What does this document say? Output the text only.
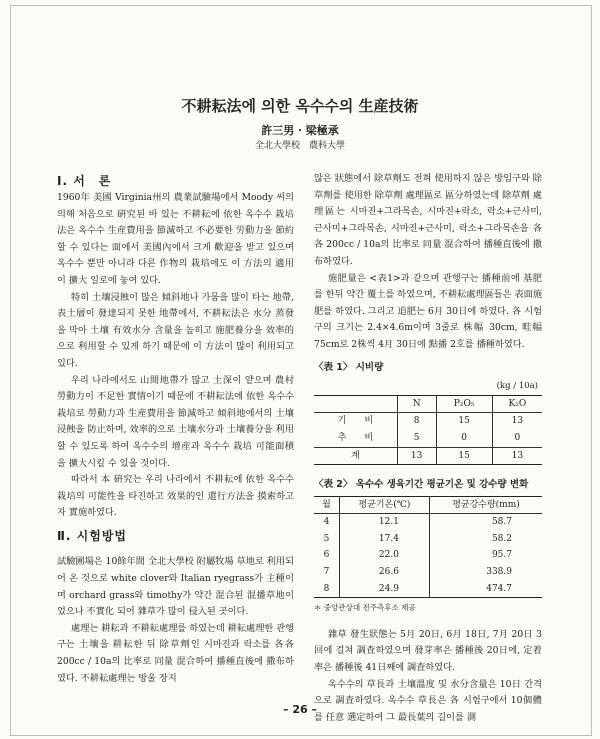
不耕耘法에 의한 옥수수의 生産技術
許三男 · 梁極承
全北大學校　農科大學
Ⅰ. 서　론

1960年 美國 Virginia州의 農業試驗場에서 Moody 씨의 의해 처음으로 硏究된 바 있는 不耕耘에 依한 옥수수 栽培法은 옥수수 生産費用을 節減하고 不必要한 労動力을 節約할 수 있다는 面에서 美國內에서 크게 歡迎을 받고 있으며 옥수수 뿐만 아니라 다른 作物의 栽培에도 이 方法의 適用이 擴大 일로에 놓여 있다.

特히 土壤浸蝕이 많은 傾斜地나 가뭄을 많이 타는 地帶, 表土層이 發達되지 못한 地帶에서, 不耕耘法은 水分 蒸發을 막아 土壤 有效水分 含量을 높히고 施肥養分을 效率的으로 利用할 수 있게 하기 때문에 이 方法이 많이 利用되고 있다.

우리 나라에서도 山間地帶가 많고 土深이 얕으며 農村勞動力이 不足한 實情이기 때문에 不耕耘法에 依한 옥수수 栽培로 勞動力과 生産費用을 節減하고 傾斜地에서의 土壤浸蝕을 防止하며, 效率的으로 土壤水分과 土壤養分을 利用할 수 있도록 하여 옥수수의 增産과 옥수수 栽培 可能面積을 擴大시킬 수 있을 것이다.

따라서 本 硏究는 우리 나라에서 不耕耘에 依한 옥수수 栽培의 可能性을 타진하고 效果的인 還行方法을 摸索하고자 實施하였다.

Ⅱ. 시험방법

試驗圃場은 10餘年間 全北大學校 附屬牧場 草地로 利用되어 온 것으로 white clover와 Italian ryegrass가 主種이며 orchard grass와 timothy가 약간 混合된 混播草地이었으나 不實化 되어 雜草가 많이 侵入된 곳이다.

處理는 耕耘과 不耕耘處理를 하였는데 耕耘處理한 관행구는 土壤을 耕耘한 뒤 除草劑인 시마진과 락소를 各各 200cc / 10a의 比率로 同量 混合하여 播種直後에 撒布하였다. 不耕耘處理는 방울 장지

않은 狀態에서 除草劑도 전혀 使用하지 않은 방임구와 除草劑를 使用한 除草劑 處理區로 區分하였는데 除草劑 處理區는 시마진+그라목손, 시마진+락소, 락소+근사미, 근사미+그라목손, 시마진+근사미, 락소+그라목손을 各各 200cc / 10a의 比率로 同量 混合하여 播種直後에 撒布하였다.

施肥量은 <表1>과 같으며 관행구는 播種前에 基肥를 한뒤 약간 覆土를 하였으며, 不耕耘處理區들은 表面施肥를 하였다. 그리고 追肥는 6月 30日에 하였다. 各 시험구의 크기는 2.4×4.6m이며 3줄로 株幅 30cm, 畦幅 75cm로 2株씩 4月 30日에 點播 2호를 播種하였다.

〈表 1〉 시비량
(kg / 10a)
	N	P₂O₅	K₂O
기　　비	8	15	13
추　　비	5	0	0
계	13	15	13
〈表 2〉 옥수수 생육기간 평균기온 및 강수량 변화
월	평균기온(℃)	평균강수량(mm)
4	12.1	58.7
5	17.4	58.2
6	22.0	95.7
7	26.6	338.9
8	24.9	474.7
＊ 중앙관상대 전주측후소 제공

雜草 發生狀態는 5月 20日, 6月 18日, 7月 20日 3回에 걸쳐 調査하였으며 發芽率은 播種後 20日에, 定着率은 播種後 41日째에 調査하였다.

옥수수의 草長과 土壤溫度 및 水分含量은 10日 간격으로 調査하였다. 옥수수 草長은 各 시험구에서 10個體를 任意 選定하여 그 最長葉의 길이를 測

– 26 –
